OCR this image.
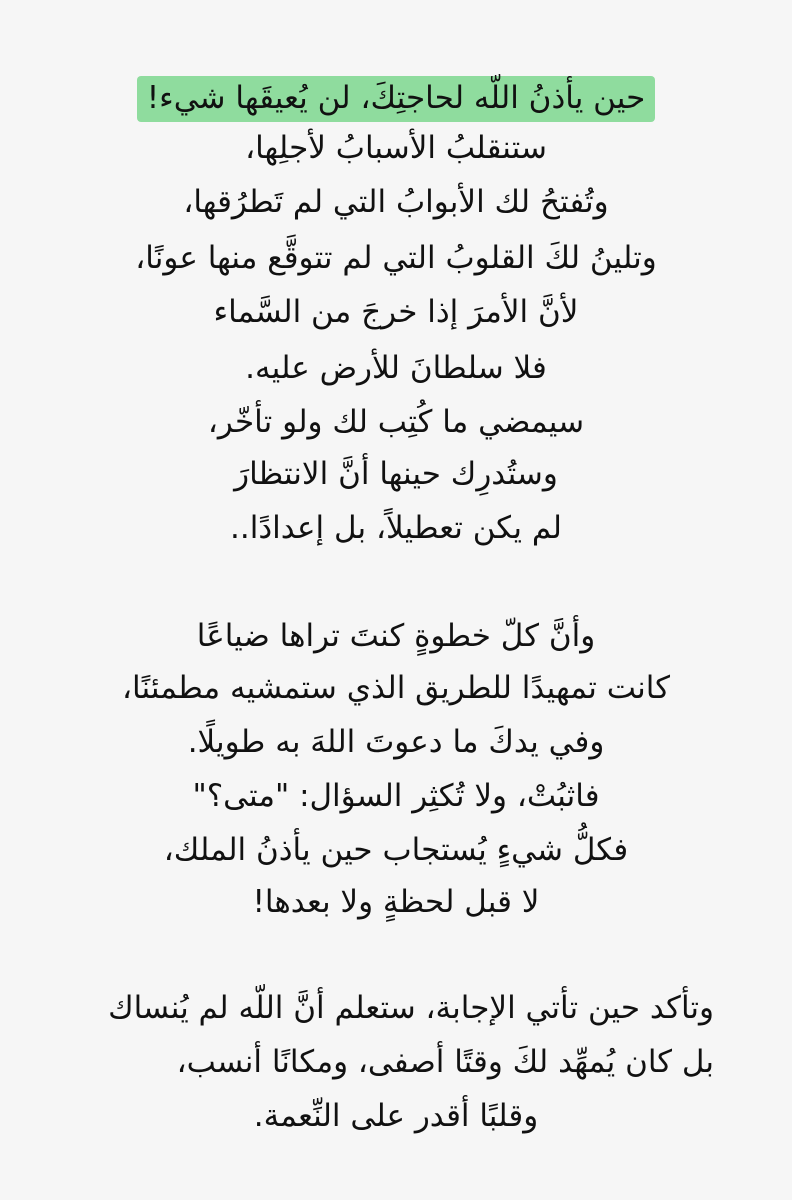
حين يأذنُ اللّه لحاجتِكَ، لن يُعيقَها شيء!
ستنقلبُ الأسبابُ لأجلِها،
وتُفتحُ لك الأبوابُ التي لم تَطرُقها،
وتلينُ لكَ القلوبُ التي لم تتوقَّع منها عونًا،
لأنَّ الأمرَ إذا خرجَ من السَّماء
فلا سلطانَ للأرض عليه.
سيمضي ما كُتِب لك ولو تأخّر،
وستُدرِك حينها أنَّ الانتظارَ
لم يكن تعطيلاً، بل إعدادًا..
وأنَّ كلّ خطوةٍ كنتَ تراها ضياعًا
كانت تمهيدًا للطريق الذي ستمشيه مطمئنًا،
وفي يدكَ ما دعوتَ اللهَ به طويلًا.
فاثبُتْ، ولا تُكثِر السؤال: "متى؟"
فكلُّ شيءٍ يُستجاب حين يأذنُ الملك،
لا قبل لحظةٍ ولا بعدها!
وتأكد حين تأتي الإجابة، ستعلم أنَّ اللّه لم يُنساك
بل كان يُمهِّد لكَ وقتًا أصفى، ومكانًا أنسب،
وقلبًا أقدر على النِّعمة.
